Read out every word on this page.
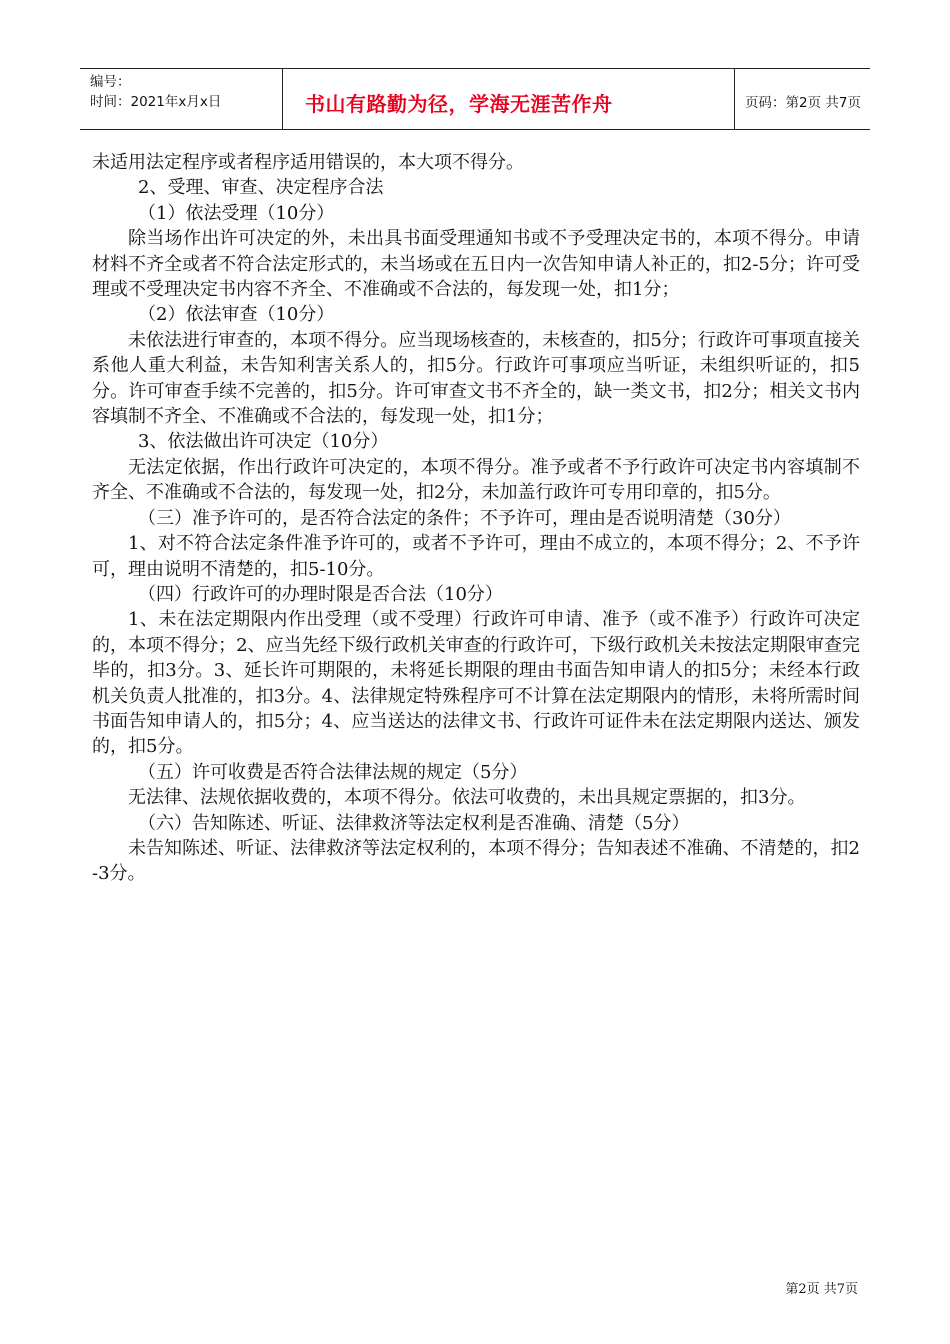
编号：
时间：2021年x月x日	书山有路勤为径，学海无涯苦作舟	页码：第2页 共7页

未适用法定程序或者程序适用错误的，本大项不得分。

2、受理、审查、决定程序合法

（1）依法受理（10分）

除当场作出许可决定的外，未出具书面受理通知书或不予受理决定书的，本项不得分。申请材料不齐全或者不符合法定形式的，未当场或在五日内一次告知申请人补正的，扣2-5分；许可受理或不受理决定书内容不齐全、不准确或不合法的，每发现一处，扣1分；

（2）依法审查（10分）

未依法进行审查的，本项不得分。应当现场核查的，未核查的，扣5分；行政许可事项直接关系他人重大利益，未告知利害关系人的，扣5分。行政许可事项应当听证，未组织听证的，扣5分。许可审查手续不完善的，扣5分。许可审查文书不齐全的，缺一类文书，扣2分；相关文书内容填制不齐全、不准确或不合法的，每发现一处，扣1分；

3、依法做出许可决定（10分）

无法定依据，作出行政许可决定的，本项不得分。准予或者不予行政许可决定书内容填制不齐全、不准确或不合法的，每发现一处，扣2分，未加盖行政许可专用印章的，扣5分。

（三）准予许可的，是否符合法定的条件；不予许可，理由是否说明清楚（30分）

1、对不符合法定条件准予许可的，或者不予许可，理由不成立的，本项不得分；2、不予许可，理由说明不清楚的，扣5-10分。

（四）行政许可的办理时限是否合法（10分）

1、未在法定期限内作出受理（或不受理）行政许可申请、准予（或不准予）行政许可决定的，本项不得分；2、应当先经下级行政机关审查的行政许可，下级行政机关未按法定期限审查完毕的，扣3分。3、延长许可期限的，未将延长期限的理由书面告知申请人的扣5分；未经本行政机关负责人批准的，扣3分。4、法律规定特殊程序可不计算在法定期限内的情形，未将所需时间书面告知申请人的，扣5分；4、应当送达的法律文书、行政许可证件未在法定期限内送达、颁发的，扣5分。

（五）许可收费是否符合法律法规的规定（5分）

无法律、法规依据收费的，本项不得分。依法可收费的，未出具规定票据的，扣3分。

（六）告知陈述、听证、法律救济等法定权利是否准确、清楚（5分）

未告知陈述、听证、法律救济等法定权利的，本项不得分；告知表述不准确、不清楚的，扣2-3分。

第2页 共7页
